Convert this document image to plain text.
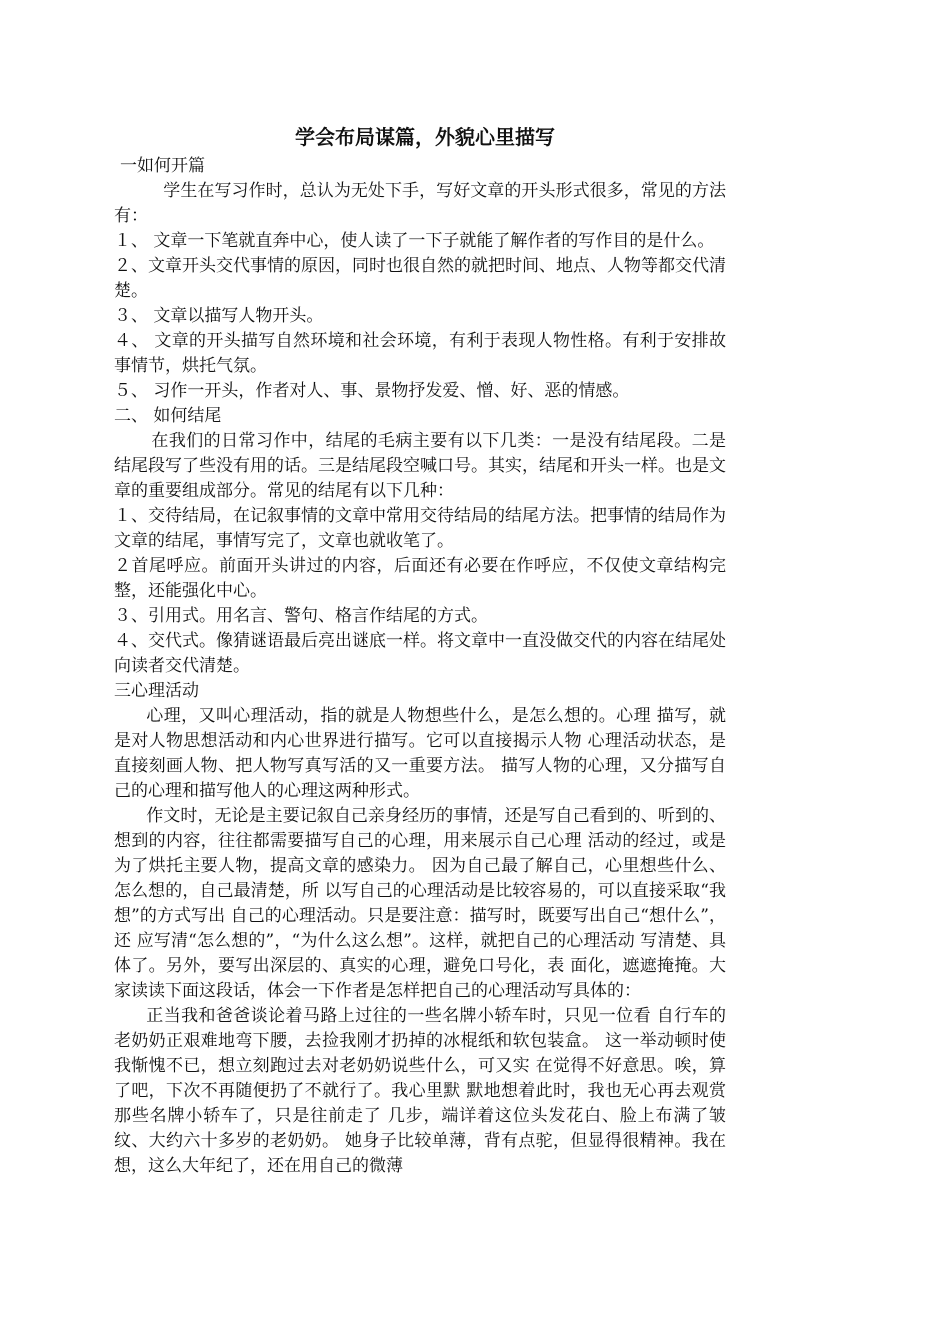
学会布局谋篇，外貌心里描写

一如何开篇

学生在写习作时，总认为无处下手，写好文章的开头形式很多，常见的方法有：

１、 文章一下笔就直奔中心，使人读了一下子就能了解作者的写作目的是什么。

２、文章开头交代事情的原因，同时也很自然的就把时间、地点、人物等都交代清楚。

３、 文章以描写人物开头。

４、 文章的开头描写自然环境和社会环境，有利于表现人物性格。有利于安排故事情节，烘托气氛。

５、 习作一开头，作者对人、事、景物抒发爱、憎、好、恶的情感。

二、 如何结尾

在我们的日常习作中，结尾的毛病主要有以下几类：一是没有结尾段。二是结尾段写了些没有用的话。三是结尾段空喊口号。其实，结尾和开头一样。也是文章的重要组成部分。常见的结尾有以下几种：

１、交待结局，在记叙事情的文章中常用交待结局的结尾方法。把事情的结局作为文章的结尾，事情写完了，文章也就收笔了。

２首尾呼应。前面开头讲过的内容，后面还有必要在作呼应，不仅使文章结构完整，还能强化中心。

３、引用式。用名言、警句、格言作结尾的方式。

４、交代式。像猜谜语最后亮出谜底一样。将文章中一直没做交代的内容在结尾处向读者交代清楚。

三心理活动

心理，又叫心理活动，指的就是人物想些什么，是怎么想的。心理 描写，就是对人物思想活动和内心世界进行描写。它可以直接揭示人物 心理活动状态，是直接刻画人物、把人物写真写活的又一重要方法。 描写人物的心理，又分描写自己的心理和描写他人的心理这两种形式。

作文时，无论是主要记叙自己亲身经历的事情，还是写自己看到的、听到的、想到的内容，往往都需要描写自己的心理，用来展示自己心理 活动的经过，或是为了烘托主要人物，提高文章的感染力。 因为自己最了解自己，心里想些什么、怎么想的，自己最清楚，所 以写自己的心理活动是比较容易的，可以直接采取“我想”的方式写出 自己的心理活动。只是要注意：描写时，既要写出自己“想什么”，还 应写清“怎么想的”，“为什么这么想”。这样，就把自己的心理活动 写清楚、具体了。另外，要写出深层的、真实的心理，避免口号化，表 面化，遮遮掩掩。大家读读下面这段话，体会一下作者是怎样把自己的心理活动写具体的：

正当我和爸爸谈论着马路上过往的一些名牌小轿车时，只见一位看 自行车的老奶奶正艰难地弯下腰，去捡我刚才扔掉的冰棍纸和软包装盒。 这一举动顿时使我惭愧不已，想立刻跑过去对老奶奶说些什么，可又实 在觉得不好意思。唉，算了吧，下次不再随便扔了不就行了。我心里默 默地想着此时，我也无心再去观赏那些名牌小轿车了，只是往前走了 几步，端详着这位头发花白、脸上布满了皱纹、大约六十多岁的老奶奶。 她身子比较单薄，背有点驼，但显得很精神。我在想，这么大年纪了，还在用自己的微薄
